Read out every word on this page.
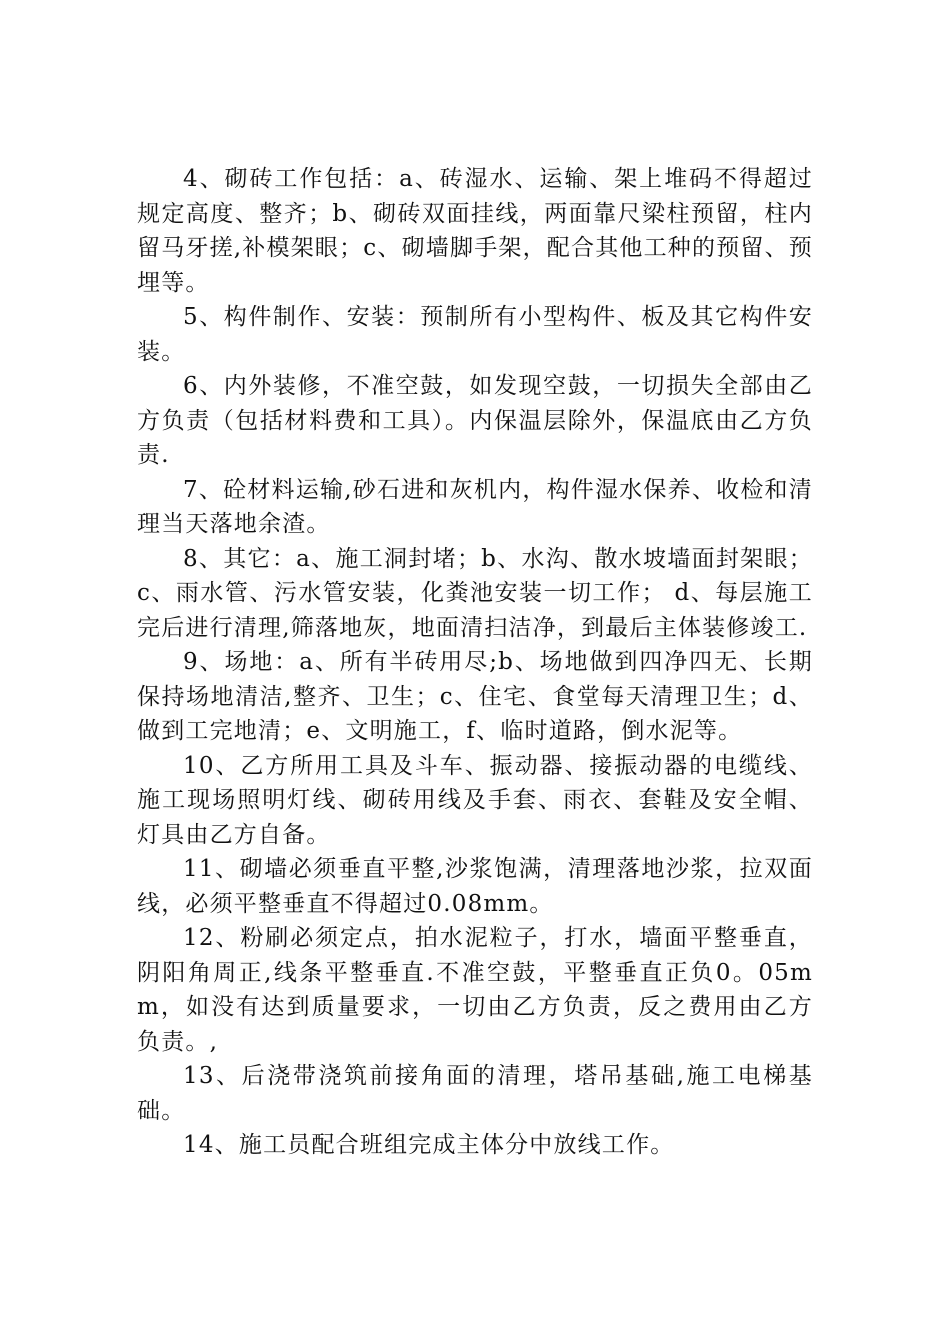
4、砌砖工作包括：a、砖湿水、运输、架上堆码不得超过规定高度、整齐；b、砌砖双面挂线，两面靠尺梁柱预留，柱内留马牙搓,补模架眼；c、砌墙脚手架，配合其他工种的预留、预埋等。

5、构件制作、安装：预制所有小型构件、板及其它构件安装。

6、内外装修，不准空鼓，如发现空鼓，一切损失全部由乙方负责（包括材料费和工具）。内保温层除外，保温底由乙方负责.

7、砼材料运输,砂石进和灰机内，构件湿水保养、收检和清理当天落地余渣。

8、其它：a、施工洞封堵；b、水沟、散水坡墙面封架眼；c、雨水管、污水管安装，化粪池安装一切工作； d、每层施工完后进行清理,筛落地灰，地面清扫洁净，到最后主体装修竣工.

9、场地：a、所有半砖用尽;b、场地做到四净四无、长期保持场地清洁,整齐、卫生；c、住宅、食堂每天清理卫生；d、做到工完地清；e、文明施工，f、临时道路，倒水泥等。

10、乙方所用工具及斗车、振动器、接振动器的电缆线、施工现场照明灯线、砌砖用线及手套、雨衣、套鞋及安全帽、灯具由乙方自备。

11、砌墙必须垂直平整,沙浆饱满，清理落地沙浆，拉双面线，必须平整垂直不得超过0.08mm。

12、粉刷必须定点，拍水泥粒子，打水，墙面平整垂直，阴阳角周正,线条平整垂直.不准空鼓，平整垂直正负0。05mm，如没有达到质量要求，一切由乙方负责，反之费用由乙方负责。,

13、后浇带浇筑前接角面的清理，塔吊基础,施工电梯基础。

14、施工员配合班组完成主体分中放线工作。
